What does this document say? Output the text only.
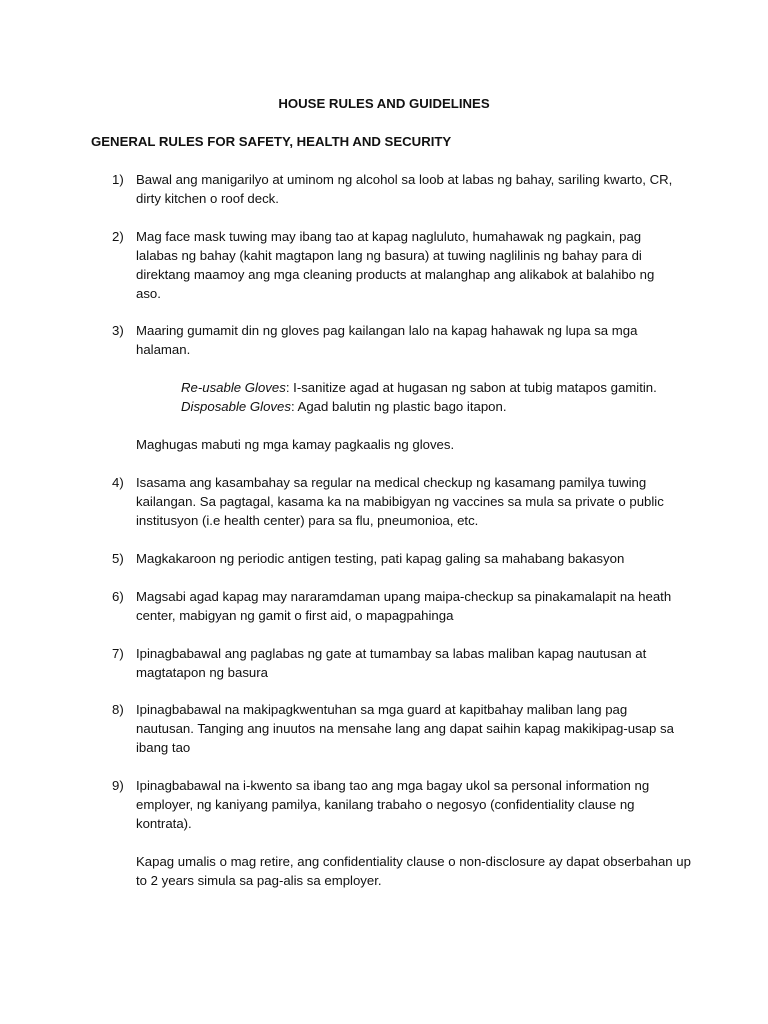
HOUSE RULES AND GUIDELINES

GENERAL RULES FOR SAFETY, HEALTH AND SECURITY

1) Bawal ang manigarilyo at uminom ng alcohol sa loob at labas ng bahay, sariling kwarto, CR, dirty kitchen o roof deck.
2) Mag face mask tuwing may ibang tao at kapag nagluluto, humahawak ng pagkain, pag lalabas ng bahay (kahit magtapon lang ng basura) at tuwing naglilinis ng bahay para di direktang maamoy ang mga cleaning products at malanghap ang alikabok at balahibo ng aso.
3) Maaring gumamit din ng gloves pag kailangan lalo na kapag hahawak ng lupa sa mga halaman.

Re-usable Gloves: I-sanitize agad at hugasan ng sabon at tubig matapos gamitin.

Disposable Gloves: Agad balutin ng plastic bago itapon.

Maghugas mabuti ng mga kamay pagkaalis ng gloves.

4) Isasama ang kasambahay sa regular na medical checkup ng kasamang pamilya tuwing kailangan. Sa pagtagal, kasama ka na mabibigyan ng vaccines sa mula sa private o public institusyon (i.e health center) para sa flu, pneumonioa, etc.
5) Magkakaroon ng periodic antigen testing, pati kapag galing sa mahabang bakasyon
6) Magsabi agad kapag may nararamdaman upang maipa-checkup sa pinakamalapit na heath center, mabigyan ng gamit o first aid, o mapagpahinga
7) Ipinagbabawal ang paglabas ng gate at tumambay sa labas maliban kapag nautusan at magtatapon ng basura
8) Ipinagbabawal na makipagkwentuhan sa mga guard at kapitbahay maliban lang pag nautusan. Tanging ang inuutos na mensahe lang ang dapat saihin kapag makikipag-usap sa ibang tao
9) Ipinagbabawal na i-kwento sa ibang tao ang mga bagay ukol sa personal information ng employer, ng kaniyang pamilya, kanilang trabaho o negosyo (confidentiality clause ng kontrata).

Kapag umalis o mag retire, ang confidentiality clause o non-disclosure ay dapat obserbahan up to 2 years simula sa pag-alis sa employer.
